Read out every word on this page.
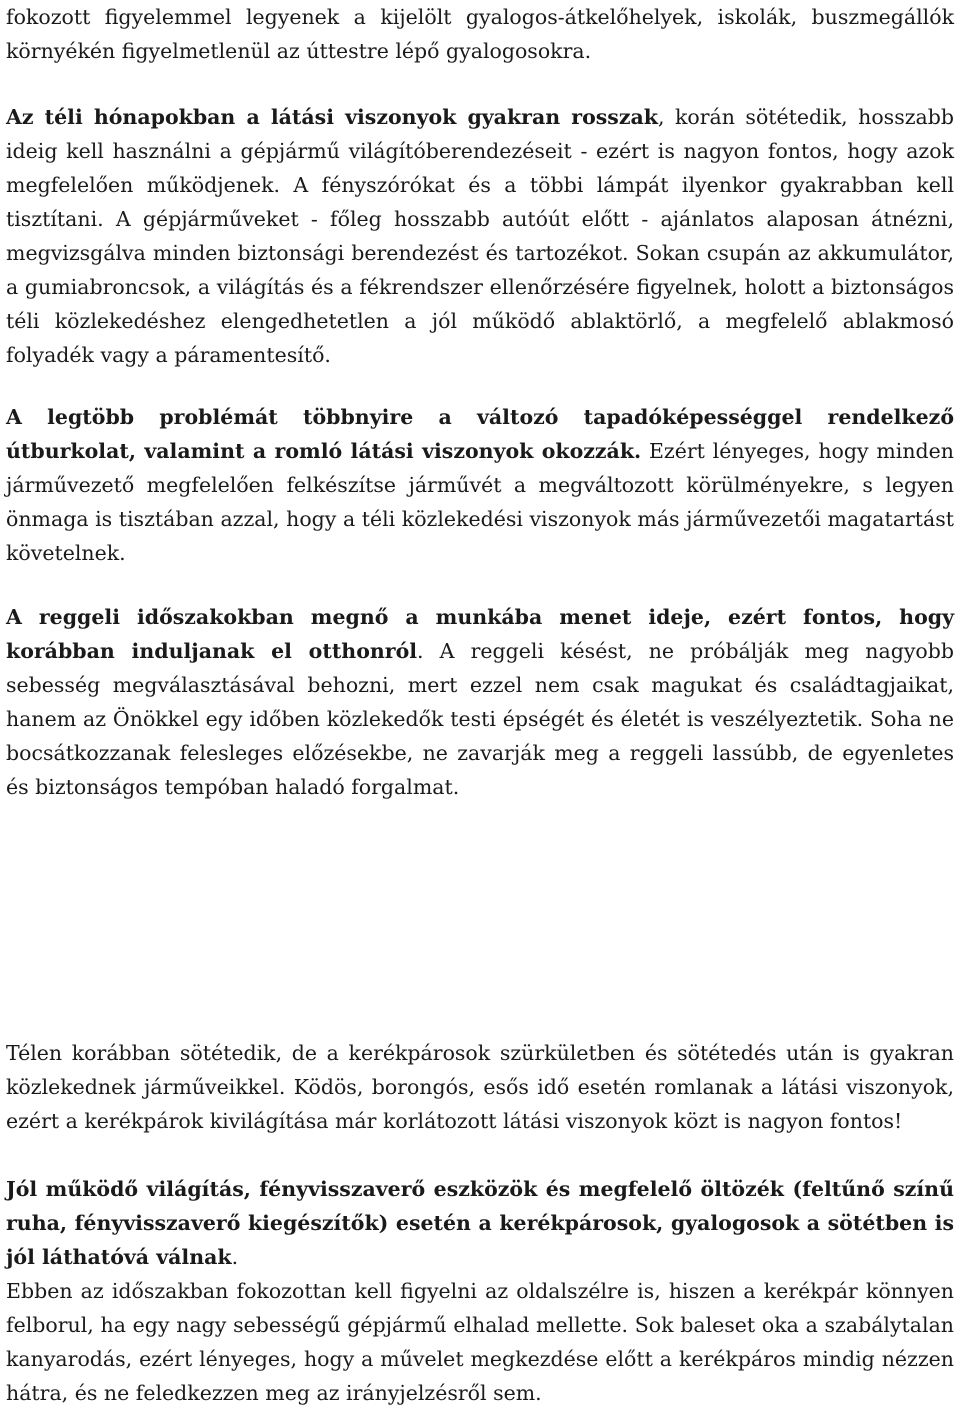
fokozott figyelemmel legyenek a kijelölt gyalogos-átkelőhelyek, iskolák, buszmegállók környékén figyelmetlenül az úttestre lépő gyalogosokra.

Az téli hónapokban a látási viszonyok gyakran rosszak, korán sötétedik, hosszabb ideig kell használni a gépjármű világítóberendezéseit - ezért is nagyon fontos, hogy azok megfelelően működjenek. A fényszórókat és a többi lámpát ilyenkor gyakrabban kell tisztítani. A gépjárműveket - főleg hosszabb autóút előtt - ajánlatos alaposan átnézni, megvizsgálva minden biztonsági berendezést és tartozékot. Sokan csupán az akkumulátor, a gumiabroncsok, a világítás és a fékrendszer ellenőrzésére figyelnek, holott a biztonságos téli közlekedéshez elengedhetetlen a jól működő ablaktörlő, a megfelelő ablakmosó folyadék vagy a páramentesítő.

A legtöbb problémát többnyire a változó tapadóképességgel rendelkező útburkolat, valamint a romló látási viszonyok okozzák. Ezért lényeges, hogy minden járművezető megfelelően felkészítse járművét a megváltozott körülményekre, s legyen önmaga is tisztában azzal, hogy a téli közlekedési viszonyok más járművezetői magatartást követelnek.

A reggeli időszakokban megnő a munkába menet ideje, ezért fontos, hogy korábban induljanak el otthonról. A reggeli késést, ne próbálják meg nagyobb sebesség megválasztásával behozni, mert ezzel nem csak magukat és családtagjaikat, hanem az Önökkel egy időben közlekedők testi épségét és életét is veszélyeztetik. Soha ne bocsátkozzanak felesleges előzésekbe, ne zavarják meg a reggeli lassúbb, de egyenletes és biztonságos tempóban haladó forgalmat.

Télen korábban sötétedik, de a kerékpárosok szürkületben és sötétedés után is gyakran közlekednek járműveikkel. Ködös, borongós, esős idő esetén romlanak a látási viszonyok, ezért a kerékpárok kivilágítása már korlátozott látási viszonyok közt is nagyon fontos!

Jól működő világítás, fényvisszaverő eszközök és megfelelő öltözék (feltűnő színű ruha, fényvisszaverő kiegészítők) esetén a kerékpárosok, gyalogosok a sötétben is jól láthatóvá válnak.

Ebben az időszakban fokozottan kell figyelni az oldalszélre is, hiszen a kerékpár könnyen felborul, ha egy nagy sebességű gépjármű elhalad mellette. Sok baleset oka a szabálytalan kanyarodás, ezért lényeges, hogy a művelet megkezdése előtt a kerékpáros mindig nézzen hátra, és ne feledkezzen meg az irányjelzésről sem.
